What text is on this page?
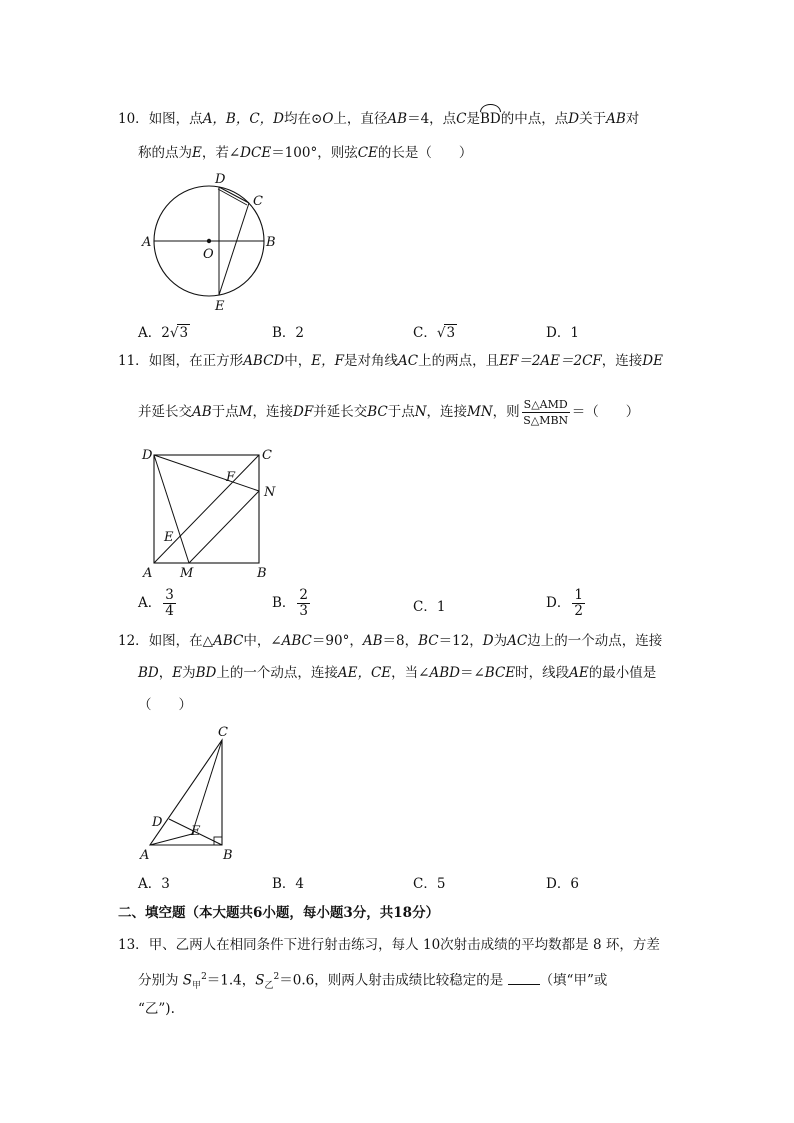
10．如图，点A，B，C，D均在⊙O上，直径AB＝4，点C是BD的中点，点D关于AB对
称的点为E，若∠DCE＝100°，则弦CE的长是（　　）
D
C
A	B
O
E
A．2√3	B．2	C．√3	D．1
11．如图，在正方形ABCD中，E，F是对角线AC上的两点，且EF＝2AE＝2CF，连接DE
并延长交AB于点M，连接DF并延长交BC于点N，连接MN，则 $\frac{\text{S△AMD}}{\text{S△MBN}}$ ＝（　　）
D	C
F
N
E
A M	B
A． $\frac{3}{4}$	B． $\frac{2}{3}$	C．1	D． $\frac{1}{2}$
12．如图，在△ABC中，∠ABC＝90°，AB＝8，BC＝12，D为AC边上的一个动点，连接
BD，E为BD上的一个动点，连接AE，CE，当∠ABD＝∠BCE时，线段AE的最小值是
（　　）
C
D
E
A	B
A．3	B．4	C．5	D．6
二、填空题（本大题共6小题，每小题3分，共18分）
13．甲、乙两人在相同条件下进行射击练习，每人 10次射击成绩的平均数都是 8 环，方差
分别为 $S_甲^2=1.4$，$S_乙^2=0.6$，则两人射击成绩比较稳定的是	（填“甲”或
“乙”).
